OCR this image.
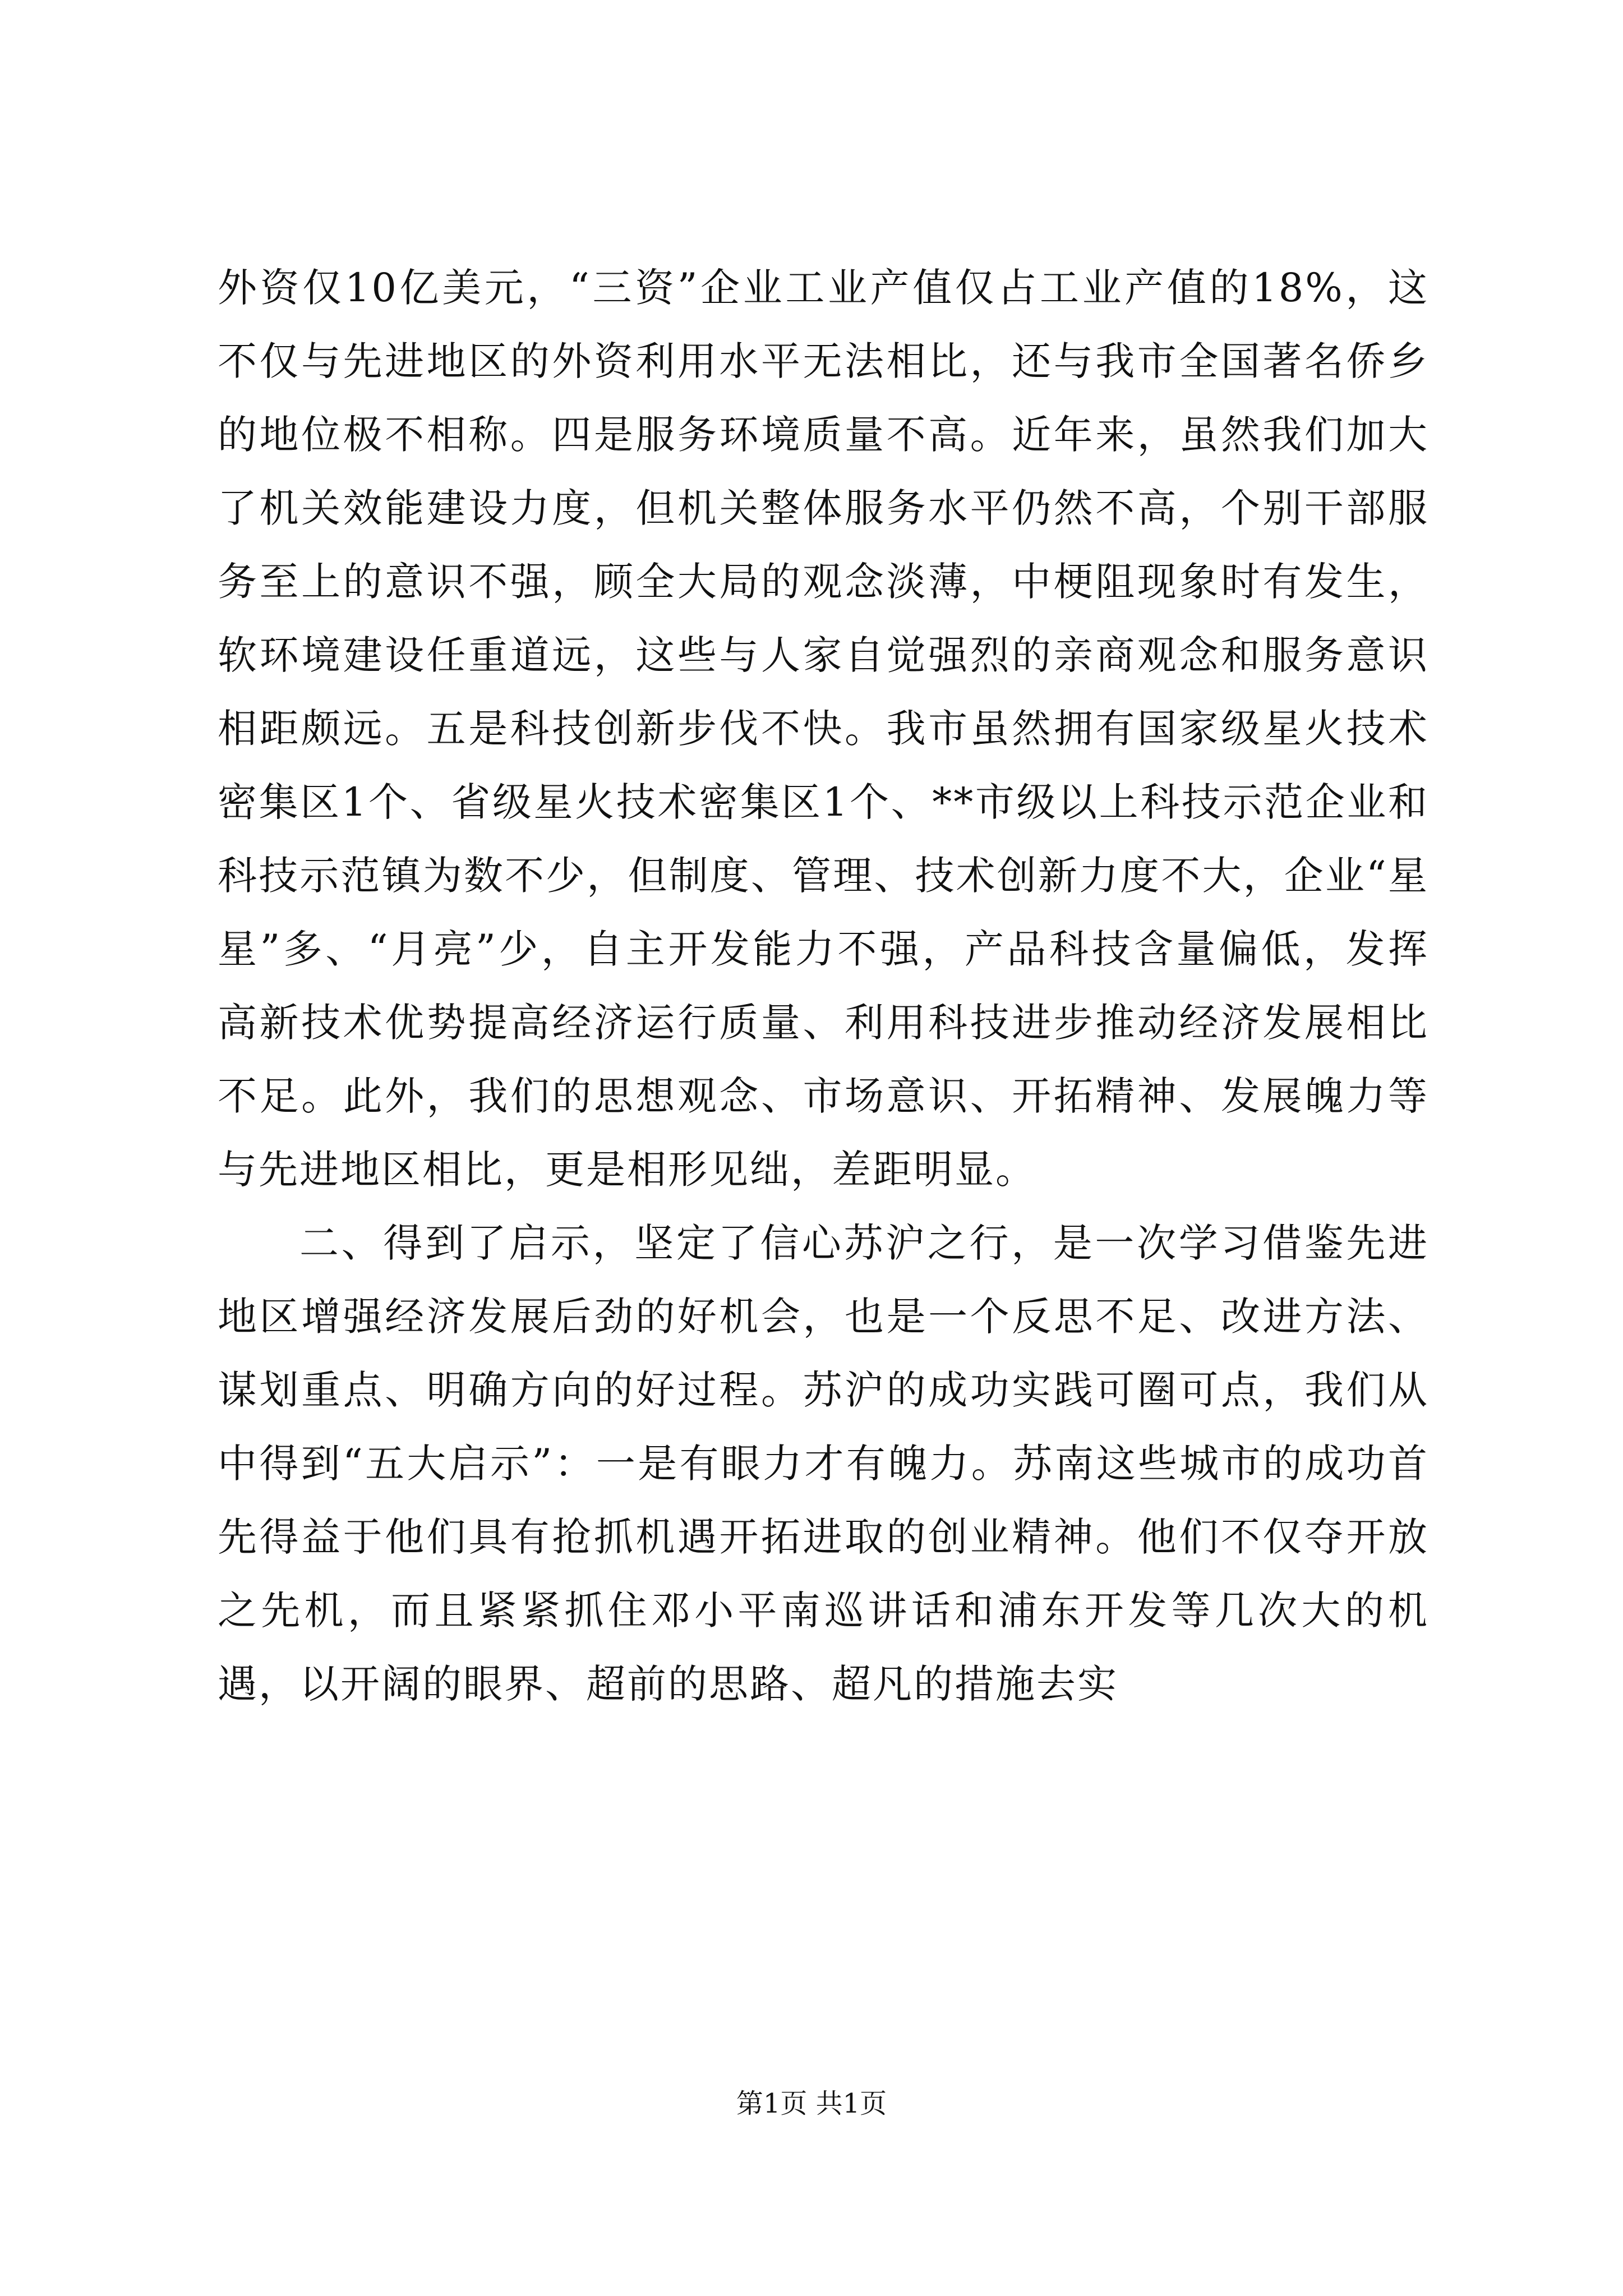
外资仅10亿美元，“三资”企业工业产值仅占工业产值的18%，这不仅与先进地区的外资利用水平无法相比，还与我市全国著名侨乡的地位极不相称。四是服务环境质量不高。近年来，虽然我们加大了机关效能建设力度，但机关整体服务水平仍然不高，个别干部服务至上的意识不强，顾全大局的观念淡薄，中梗阻现象时有发生，软环境建设任重道远，这些与人家自觉强烈的亲商观念和服务意识相距颇远。五是科技创新步伐不快。我市虽然拥有国家级星火技术密集区1个、省级星火技术密集区1个、**市级以上科技示范企业和科技示范镇为数不少，但制度、管理、技术创新力度不大，企业“星星”多、“月亮”少，自主开发能力不强，产品科技含量偏低，发挥高新技术优势提高经济运行质量、利用科技进步推动经济发展相比不足。此外，我们的思想观念、市场意识、开拓精神、发展魄力等与先进地区相比，更是相形见绌，差距明显。

二、得到了启示，坚定了信心苏沪之行，是一次学习借鉴先进地区增强经济发展后劲的好机会，也是一个反思不足、改进方法、谋划重点、明确方向的好过程。苏沪的成功实践可圈可点，我们从中得到“五大启示”：一是有眼力才有魄力。苏南这些城市的成功首先得益于他们具有抢抓机遇开拓进取的创业精神。他们不仅夺开放之先机，而且紧紧抓住邓小平南巡讲话和浦东开发等几次大的机遇，以开阔的眼界、超前的思路、超凡的措施去实

第1页 共1页
